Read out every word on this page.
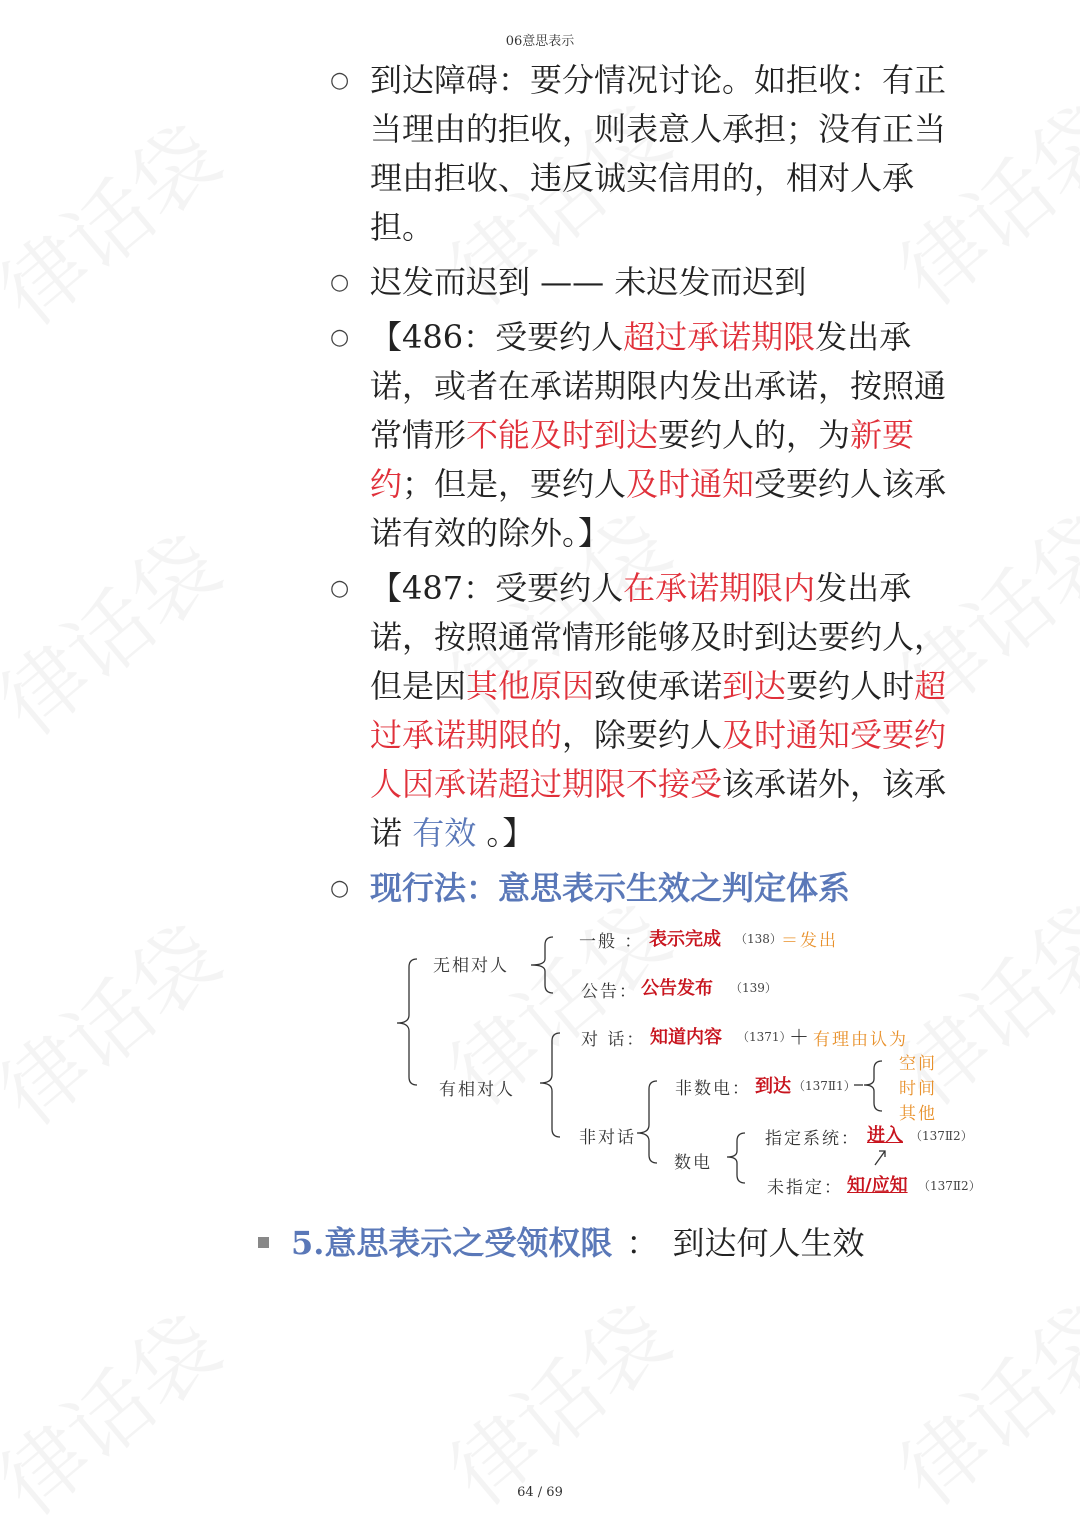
06意思表示
○ 到达障碍：要分情况讨论。如拒收：有正当理由的拒收，则表意人承担；没有正当理由拒收、违反诚实信用的，相对人承担。
○ 迟发而迟到 —— 未迟发而迟到
○ 【486：受要约人超过承诺期限发出承诺，或者在承诺期限内发出承诺，按照通常情形不能及时到达要约人的，为新要约；但是，要约人及时通知受要约人该承诺有效的除外。】
○ 【487：受要约人在承诺期限内发出承诺，按照通常情形能够及时到达要约人，但是因其他原因致使承诺到达要约人时超过承诺期限的，除要约人及时通知受要约人因承诺超过期限不接受该承诺外，该承诺 有效 。】
○ 现行法：意思表示生效之判定体系
无相对人
一般 ： 表示完成 （138） ＝发出
公告： 公告发布 （139）
有相对人
对 话： 知道内容 （1371）
＋ 有理由认为
非对话
非数电： 到达 （137Ⅱ1）
空间
时间
其他
数电
指定系统： 进入 （137Ⅱ2）
未指定： 知/应知 （137Ⅱ2）
5.意思表示之受领权限 ： 到达何人生效
64 / 69
